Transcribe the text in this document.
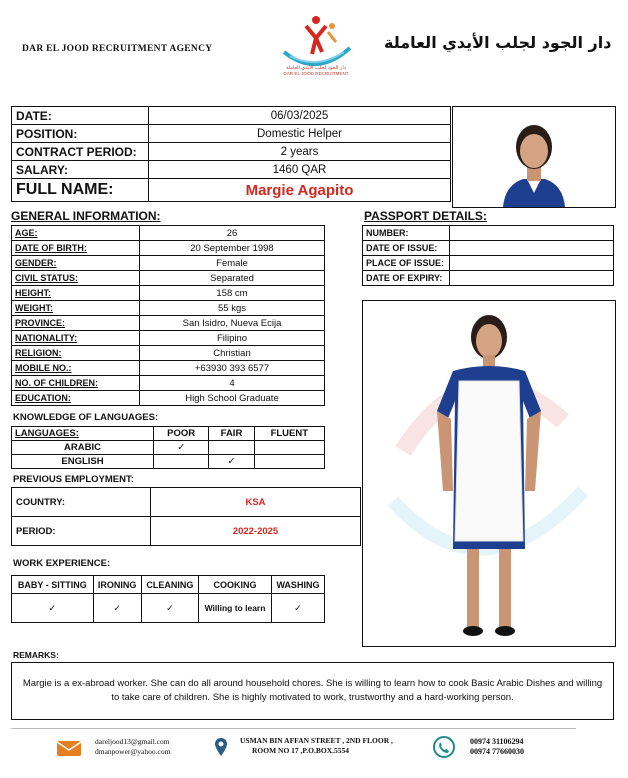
DAR EL JOOD RECRUITMENT AGENCY
دار الجود لجلب الأيدي العاملة
DAR EL JOOD RECRUITMENT
دار الجود لجلب الأيدي العاملة
DATE:	06/03/2025
POSITION:	Domestic Helper
CONTRACT PERIOD:	2 years
SALARY:	1460 QAR
FULL NAME:	Margie Agapito
GENERAL INFORMATION:
AGE:	26
DATE OF BIRTH:	20 September 1998
GENDER:	Female
CIVIL STATUS:	Separated
HEIGHT:	158 cm
WEIGHT:	55 kgs
PROVINCE:	San Isidro, Nueva Ecija
NATIONALITY:	Filipino
RELIGION:	Christian
MOBILE NO.:	+63930 393 6577
NO. OF CHILDREN:	4
EDUCATION:	High School Graduate
PASSPORT DETAILS:
NUMBER:	
DATE OF ISSUE:	
PLACE OF ISSUE:	
DATE OF EXPIRY:	
KNOWLEDGE OF LANGUAGES:
LANGUAGES:	POOR	FAIR	FLUENT
ARABIC	✓		
ENGLISH		✓	
PREVIOUS EMPLOYMENT:
COUNTRY:	KSA
PERIOD:	2022-2025
WORK EXPERIENCE:
BABY - SITTING	IRONING	CLEANING	COOKING	WASHING
✓	✓	✓	Willing to learn	✓
REMARKS:
Margie is a ex-abroad worker. She can do all around household chores. She is willing to learn how to cook Basic Arabic Dishes and willing to take care of children. She is highly motivated to work, trustworthy and a hard-working person.
dareljood13@gmail.com
dmanpower@yahoo.com
USMAN BIN AFFAN STREET , 2ND FLOOR ,
ROOM NO 17 ,P.O.BOX.5554
00974 31106294
00974 77660030
